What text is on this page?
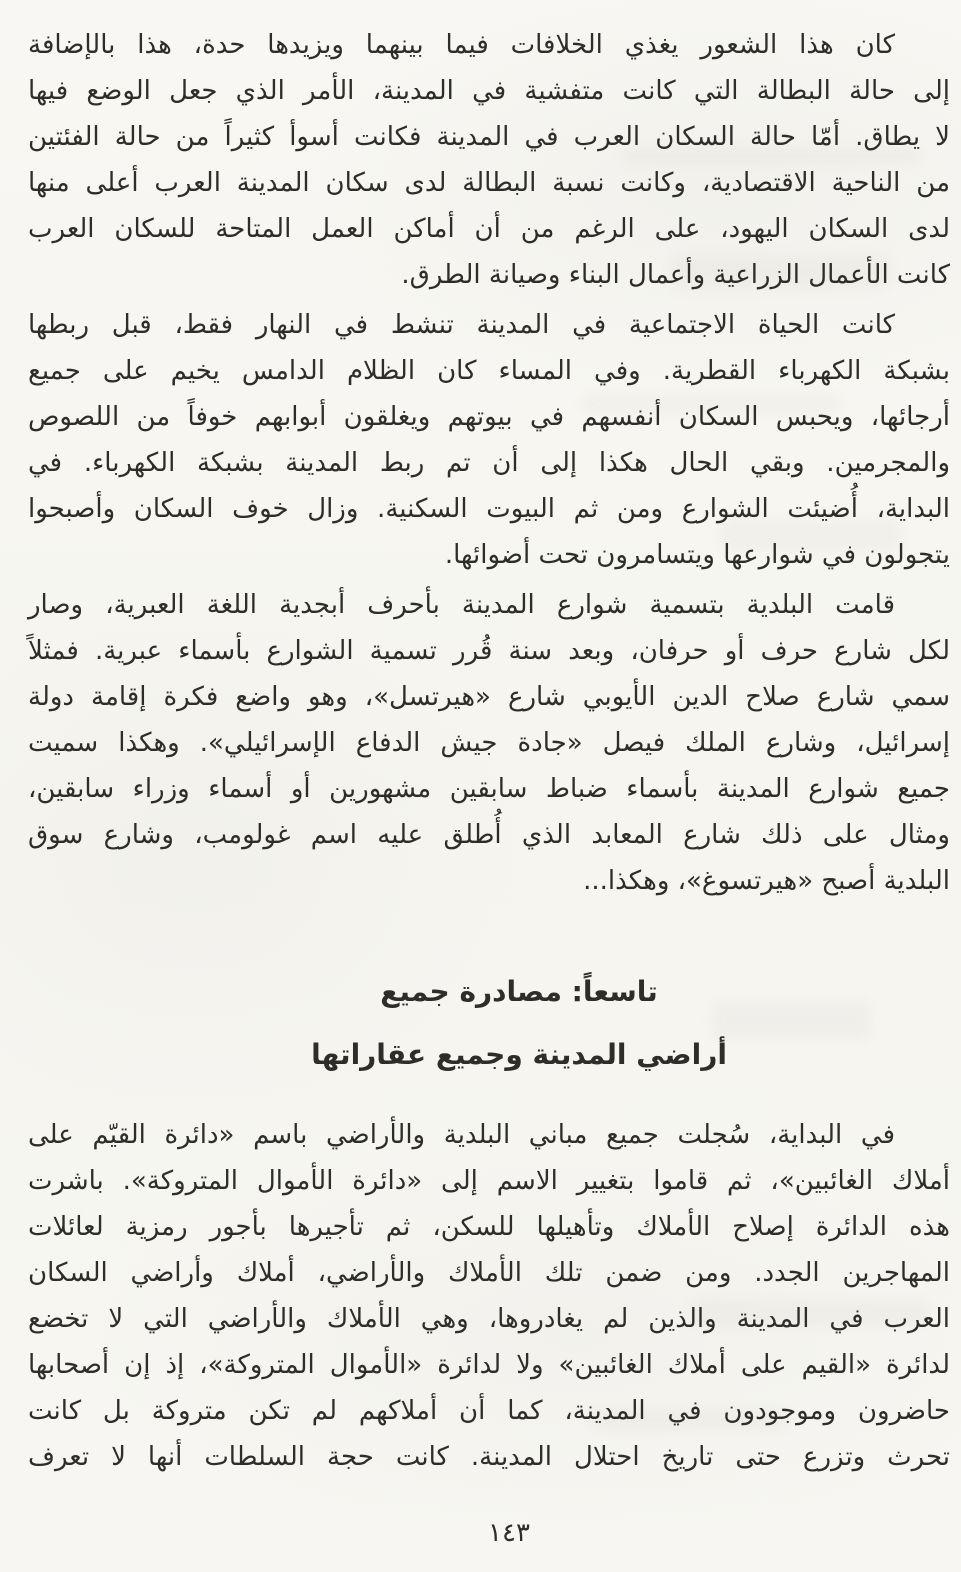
كان هذا الشعور يغذي الخلافات فيما بينهما ويزيدها حدة، هذا بالإضافة
إلى حالة البطالة التي كانت متفشية في المدينة، الأمر الذي جعل الوضع فيها
لا يطاق. أمّا حالة السكان العرب في المدينة فكانت أسوأ كثيراً من حالة الفئتين
من الناحية الاقتصادية، وكانت نسبة البطالة لدى سكان المدينة العرب أعلى منها
لدى السكان اليهود، على الرغم من أن أماكن العمل المتاحة للسكان العرب
كانت الأعمال الزراعية وأعمال البناء وصيانة الطرق.
كانت الحياة الاجتماعية في المدينة تنشط في النهار فقط، قبل ربطها
بشبكة الكهرباء القطرية. وفي المساء كان الظلام الدامس يخيم على جميع
أرجائها، ويحبس السكان أنفسهم في بيوتهم ويغلقون أبوابهم خوفاً من اللصوص
والمجرمين. وبقي الحال هكذا إلى أن تم ربط المدينة بشبكة الكهرباء. في
البداية، أُضيئت الشوارع ومن ثم البيوت السكنية. وزال خوف السكان وأصبحوا
يتجولون في شوارعها ويتسامرون تحت أضوائها.
قامت البلدية بتسمية شوارع المدينة بأحرف أبجدية اللغة العبرية، وصار
لكل شارع حرف أو حرفان، وبعد سنة قُرر تسمية الشوارع بأسماء عبرية. فمثلاً
سمي شارع صلاح الدين الأيوبي شارع «هيرتسل»، وهو واضع فكرة إقامة دولة
إسرائيل، وشارع الملك فيصل «جادة جيش الدفاع الإسرائيلي». وهكذا سميت
جميع شوارع المدينة بأسماء ضباط سابقين مشهورين أو أسماء وزراء سابقين،
ومثال على ذلك شارع المعابد الذي أُطلق عليه اسم غولومب، وشارع سوق
البلدية أصبح «هيرتسوغ»، وهكذا...
تاسعاً: مصادرة جميع
أراضي المدينة وجميع عقاراتها
في البداية، سُجلت جميع مباني البلدية والأراضي باسم «دائرة القيّم على
أملاك الغائبين»، ثم قاموا بتغيير الاسم إلى «دائرة الأموال المتروكة». باشرت
هذه الدائرة إصلاح الأملاك وتأهيلها للسكن، ثم تأجيرها بأجور رمزية لعائلات
المهاجرين الجدد. ومن ضمن تلك الأملاك والأراضي، أملاك وأراضي السكان
العرب في المدينة والذين لم يغادروها، وهي الأملاك والأراضي التي لا تخضع
لدائرة «القيم على أملاك الغائبين» ولا لدائرة «الأموال المتروكة»، إذ إن أصحابها
حاضرون وموجودون في المدينة، كما أن أملاكهم لم تكن متروكة بل كانت
تحرث وتزرع حتى تاريخ احتلال المدينة. كانت حجة السلطات أنها لا تعرف
١٤٣
